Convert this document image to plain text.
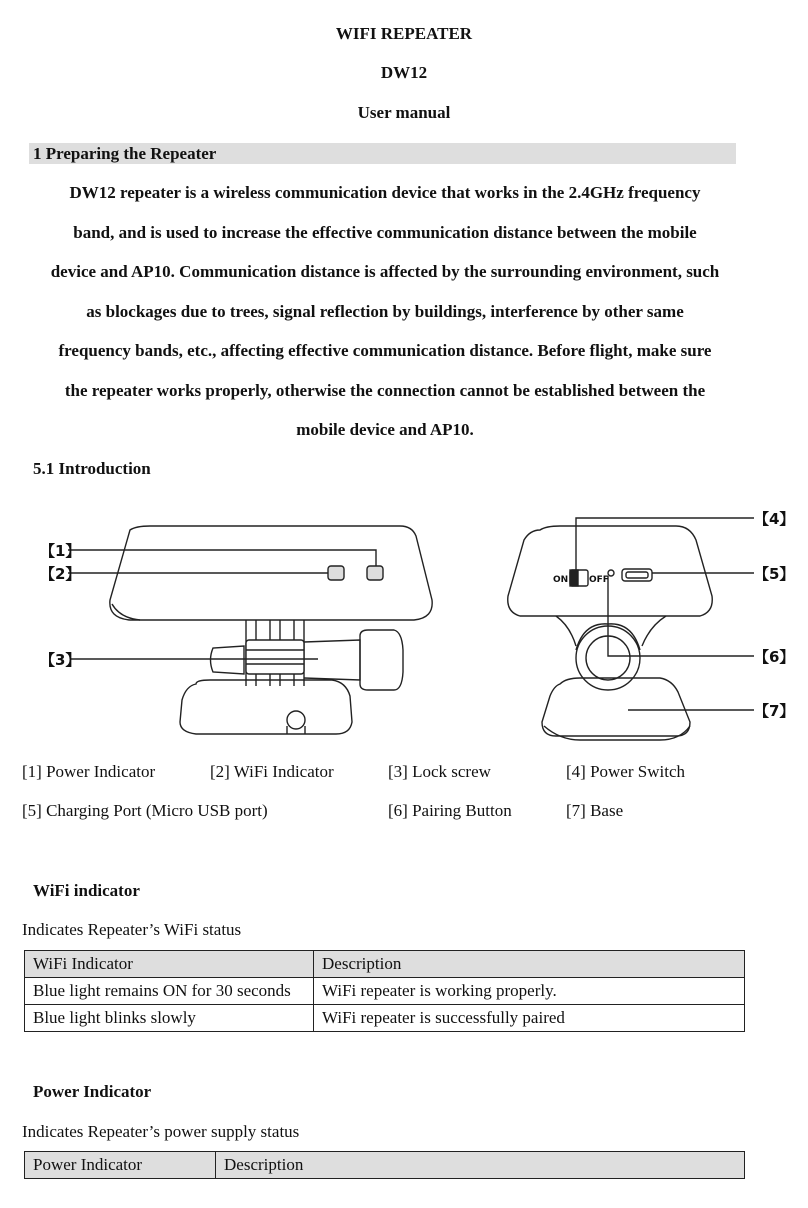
WIFI REPEATER
DW12
User manual
1 Preparing the Repeater
DW12 repeater is a wireless communication device that works in the 2.4GHz frequency
band, and is used to increase the effective communication distance between the mobile
device and AP10. Communication distance is affected by the surrounding environment, such
as blockages due to trees, signal reflection by buildings, interference by other same
frequency bands, etc., affecting effective communication distance. Before flight, make sure
the repeater works properly, otherwise the connection cannot be established between the
mobile device and AP10.
5.1 Introduction
【1】
【2】
【3】
【4】
【5】
【6】
【7】
ON OFF
[1] Power Indicator	[2] WiFi Indicator	[3] Lock screw	[4] Power Switch
[5] Charging Port (Micro USB port)	[6] Pairing Button	[7] Base
WiFi indicator
Indicates Repeater’s WiFi status
WiFi Indicator	Description
Blue light remains ON for 30 seconds	WiFi repeater is working properly.
Blue light blinks slowly	WiFi repeater is successfully paired
Power Indicator
Indicates Repeater’s power supply status
Power Indicator	Description
